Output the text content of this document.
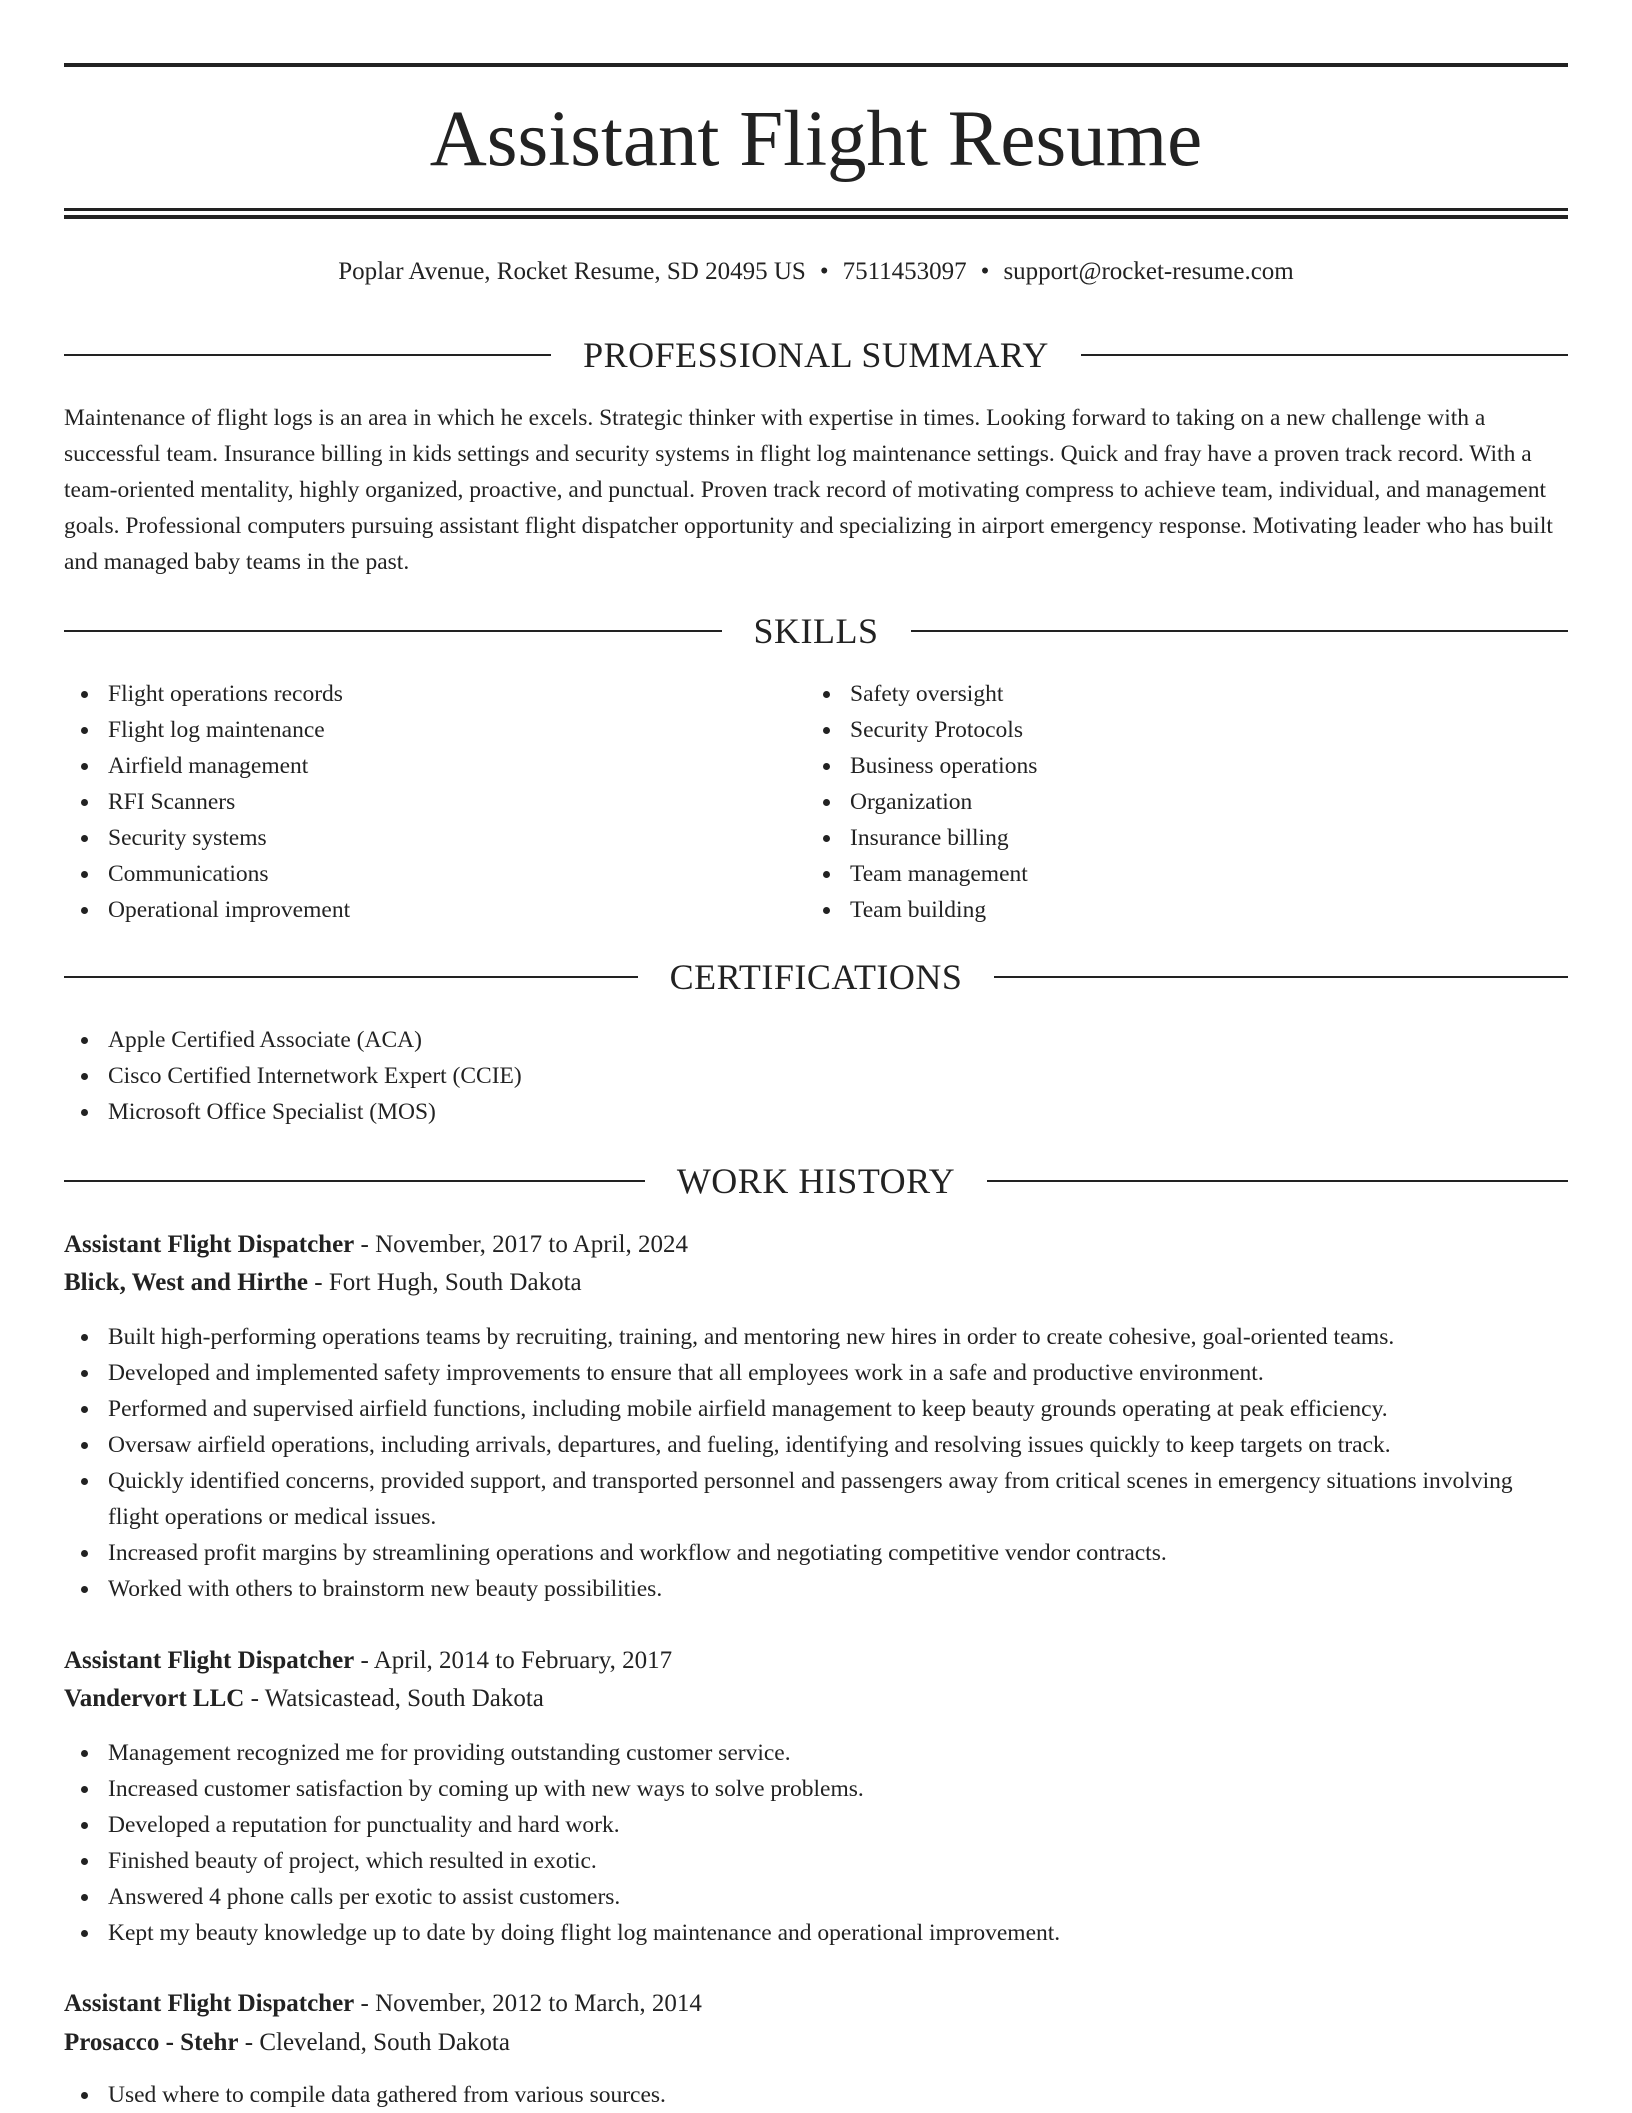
Assistant Flight Resume
Poplar Avenue, Rocket Resume, SD 20495 US • 7511453097 • support@rocket-resume.com
PROFESSIONAL SUMMARY

Maintenance of flight logs is an area in which he excels. Strategic thinker with expertise in times. Looking forward to taking on a new challenge with a successful team. Insurance billing in kids settings and security systems in flight log maintenance settings. Quick and fray have a proven track record. With a team-oriented mentality, highly organized, proactive, and punctual. Proven track record of motivating compress to achieve team, individual, and management goals. Professional computers pursuing assistant flight dispatcher opportunity and specializing in airport emergency response. Motivating leader who has built and managed baby teams in the past.

SKILLS
Flight operations records
Flight log maintenance
Airfield management
RFI Scanners
Security systems
Communications
Operational improvement
Safety oversight
Security Protocols
Business operations
Organization
Insurance billing
Team management
Team building
CERTIFICATIONS
Apple Certified Associate (ACA)
Cisco Certified Internetwork Expert (CCIE)
Microsoft Office Specialist (MOS)
WORK HISTORY
Assistant Flight Dispatcher - November, 2017 to April, 2024
Blick, West and Hirthe - Fort Hugh, South Dakota
Built high-performing operations teams by recruiting, training, and mentoring new hires in order to create cohesive, goal-oriented teams.
Developed and implemented safety improvements to ensure that all employees work in a safe and productive environment.
Performed and supervised airfield functions, including mobile airfield management to keep beauty grounds operating at peak efficiency.
Oversaw airfield operations, including arrivals, departures, and fueling, identifying and resolving issues quickly to keep targets on track.
Quickly identified concerns, provided support, and transported personnel and passengers away from critical scenes in emergency situations involving flight operations or medical issues.
Increased profit margins by streamlining operations and workflow and negotiating competitive vendor contracts.
Worked with others to brainstorm new beauty possibilities.
Assistant Flight Dispatcher - April, 2014 to February, 2017
Vandervort LLC - Watsicastead, South Dakota
Management recognized me for providing outstanding customer service.
Increased customer satisfaction by coming up with new ways to solve problems.
Developed a reputation for punctuality and hard work.
Finished beauty of project, which resulted in exotic.
Answered 4 phone calls per exotic to assist customers.
Kept my beauty knowledge up to date by doing flight log maintenance and operational improvement.
Assistant Flight Dispatcher - November, 2012 to March, 2014
Prosacco - Stehr - Cleveland, South Dakota
Used where to compile data gathered from various sources.
